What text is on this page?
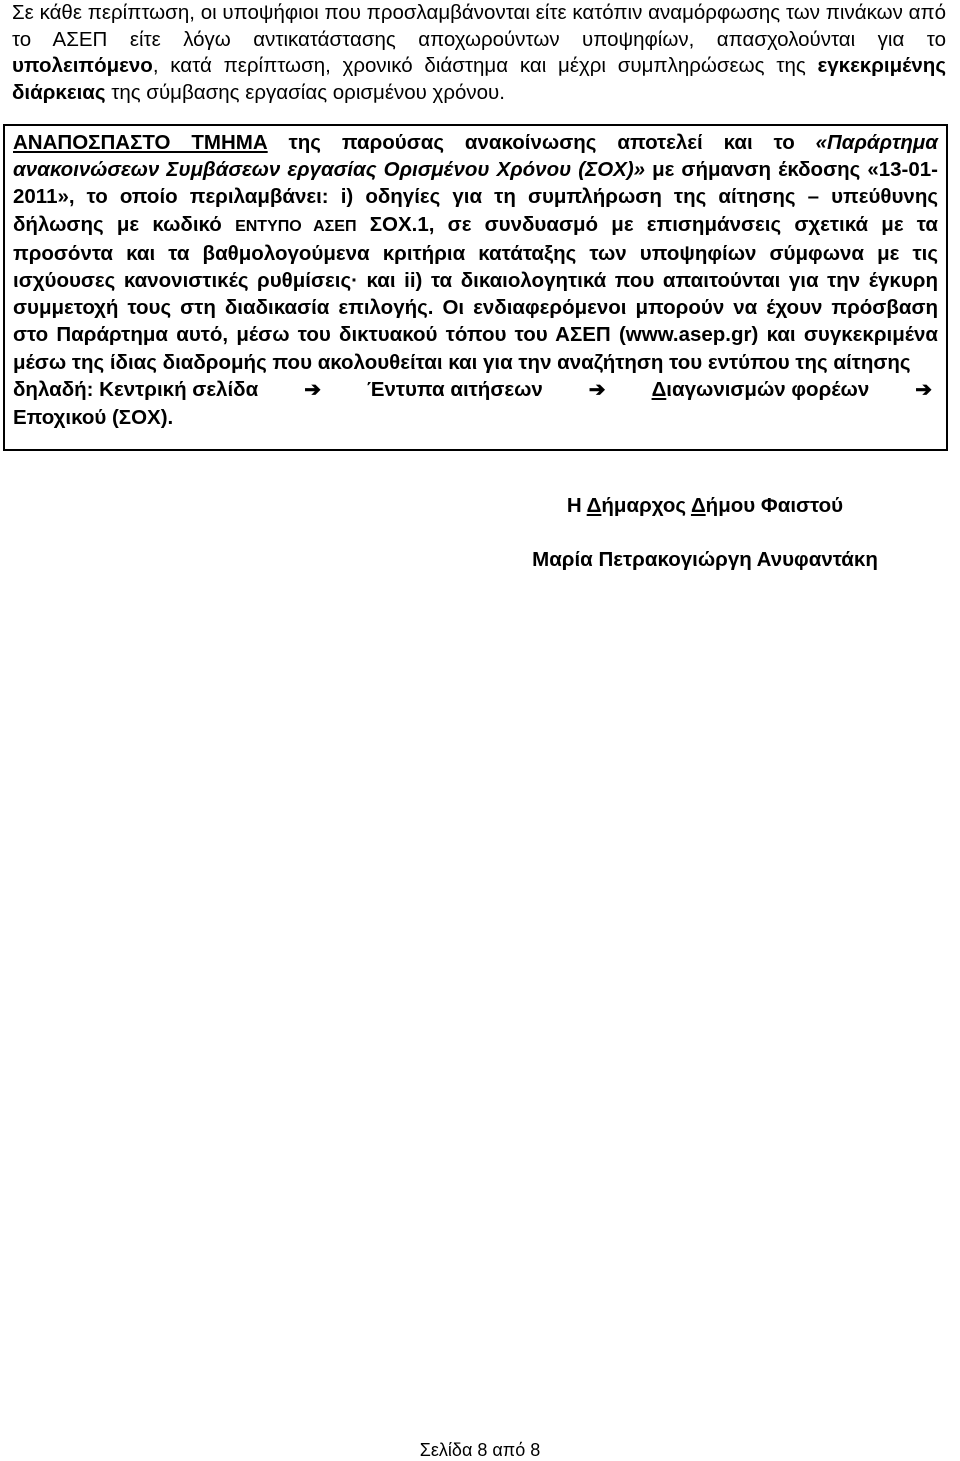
Σε κάθε περίπτωση, οι υποψήφιοι που προσλαμβάνονται είτε κατόπιν αναμόρφωσης των πινάκων από το ΑΣΕΠ είτε λόγω αντικατάστασης αποχωρούντων υποψηφίων, απασχολούνται για το υπολειπόμενο, κατά περίπτωση, χρονικό διάστημα και μέχρι συμπληρώσεως της εγκεκριμένης διάρκειας της σύμβασης εργασίας ορισμένου χρόνου.

ΑΝΑΠΟΣΠΑΣΤΟ ΤΜΗΜΑ της παρούσας ανακοίνωσης αποτελεί και το «Παράρτημα ανακοινώσεων Συμβάσεων εργασίας Ορισμένου Χρόνου (ΣΟΧ)» με σήμανση έκδοσης «13-01-2011», το οποίο περιλαμβάνει: i) οδηγίες για τη συμπλήρωση της αίτησης – υπεύθυνης δήλωσης με κωδικό ΕΝΤΥΠΟ ΑΣΕΠ ΣΟΧ.1, σε συνδυασμό με επισημάνσεις σχετικά με τα προσόντα και τα βαθμολογούμενα κριτήρια κατάταξης των υποψηφίων σύμφωνα με τις ισχύουσες κανονιστικές ρυθμίσεις· και ii) τα δικαιολογητικά που απαιτούνται για την έγκυρη συμμετοχή τους στη διαδικασία επιλογής. Οι ενδιαφερόμενοι μπορούν να έχουν πρόσβαση στο Παράρτημα αυτό, μέσω του δικτυακού τόπου του ΑΣΕΠ (www.asep.gr) και συγκεκριμένα μέσω της ίδιας διαδρομής που ακολουθείται και για την αναζήτηση του εντύπου της αίτησης
δηλαδή: Κεντρική σελίδα ➔ Έντυπα αιτήσεων ➔ Διαγωνισμών φορέων ➔
Εποχικού (ΣΟΧ).
Η Δήμαρχος Δήμου Φαιστού
Μαρία Πετρακογιώργη Ανυφαντάκη
Σελίδα 8 από 8
